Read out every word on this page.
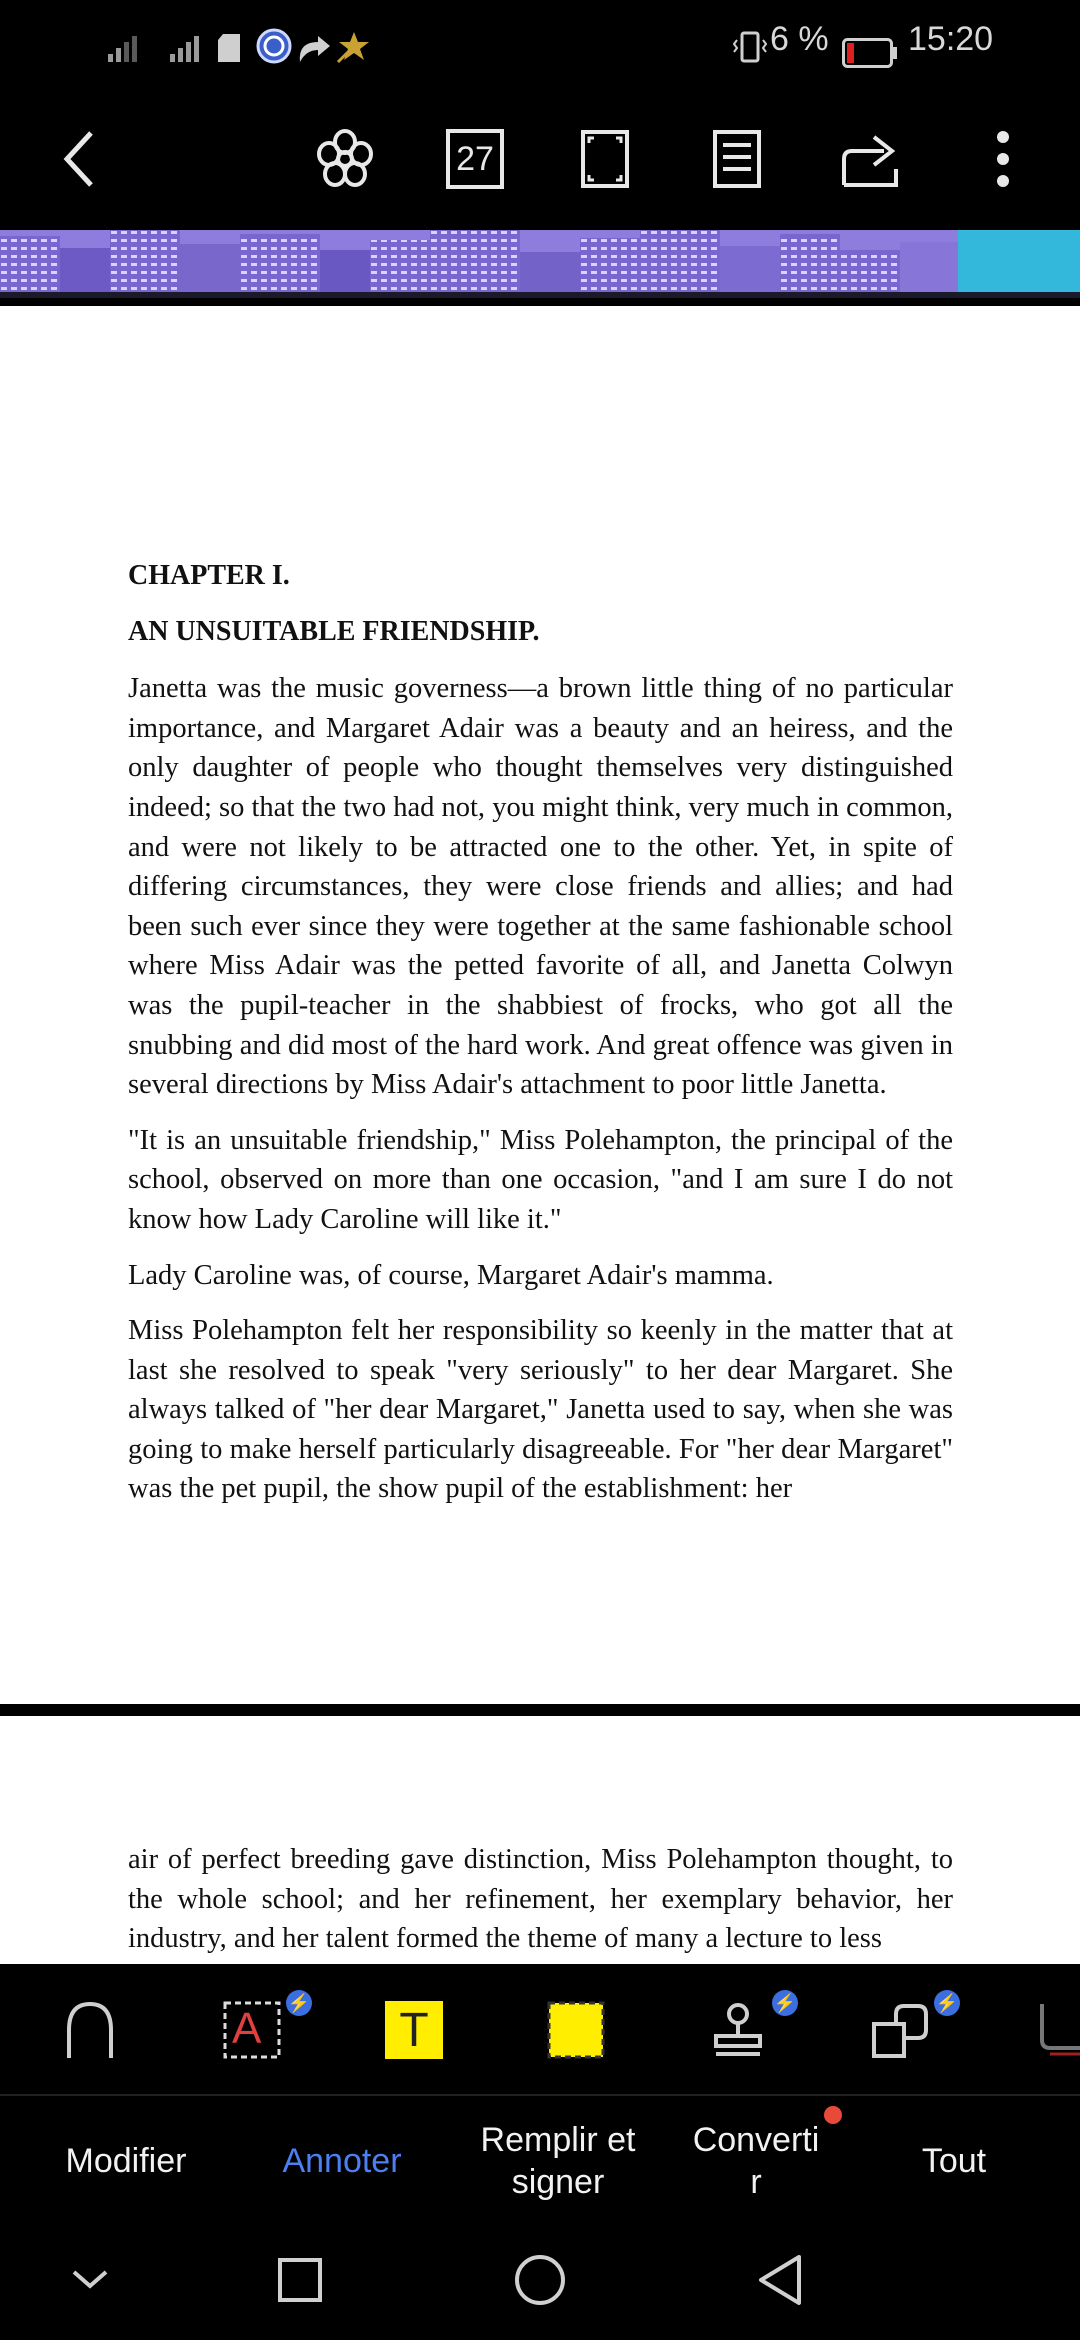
6 % 15:20
27

CHAPTER I.

AN UNSUITABLE FRIENDSHIP.

Janetta was the music governess—a brown little thing of no particular importance, and Margaret Adair was a beauty and an heiress, and the only daughter of people who thought themselves very distinguished indeed; so that the two had not, you might think, very much in common, and were not likely to be attracted one to the other. Yet, in spite of differing circumstances, they were close friends and allies; and had been such ever since they were together at the same fashionable school where Miss Adair was the petted favorite of all, and Janetta Colwyn was the pupil-teacher in the shabbiest of frocks, who got all the snubbing and did most of the hard work. And great offence was given in several directions by Miss Adair's attachment to poor little Janetta.

"It is an unsuitable friendship," Miss Polehampton, the principal of the school, observed on more than one occasion, "and I am sure I do not know how Lady Caroline will like it."

Lady Caroline was, of course, Margaret Adair's mamma.

Miss Polehampton felt her responsibility so keenly in the matter that at last she resolved to speak "very seriously" to her dear Margaret. She always talked of "her dear Margaret," Janetta used to say, when she was going to make herself particularly disagreeable. For "her dear Margaret" was the pet pupil, the show pupil of the establishment: her

air of perfect breeding gave distinction, Miss Polehampton thought, to the whole school; and her refinement, her exemplary behavior, her industry, and her talent formed the theme of many a lecture to less
A
⚡
T
⚡	⚡
Modifier	Annoter
Remplir et
signer
Converti
r
Tout
